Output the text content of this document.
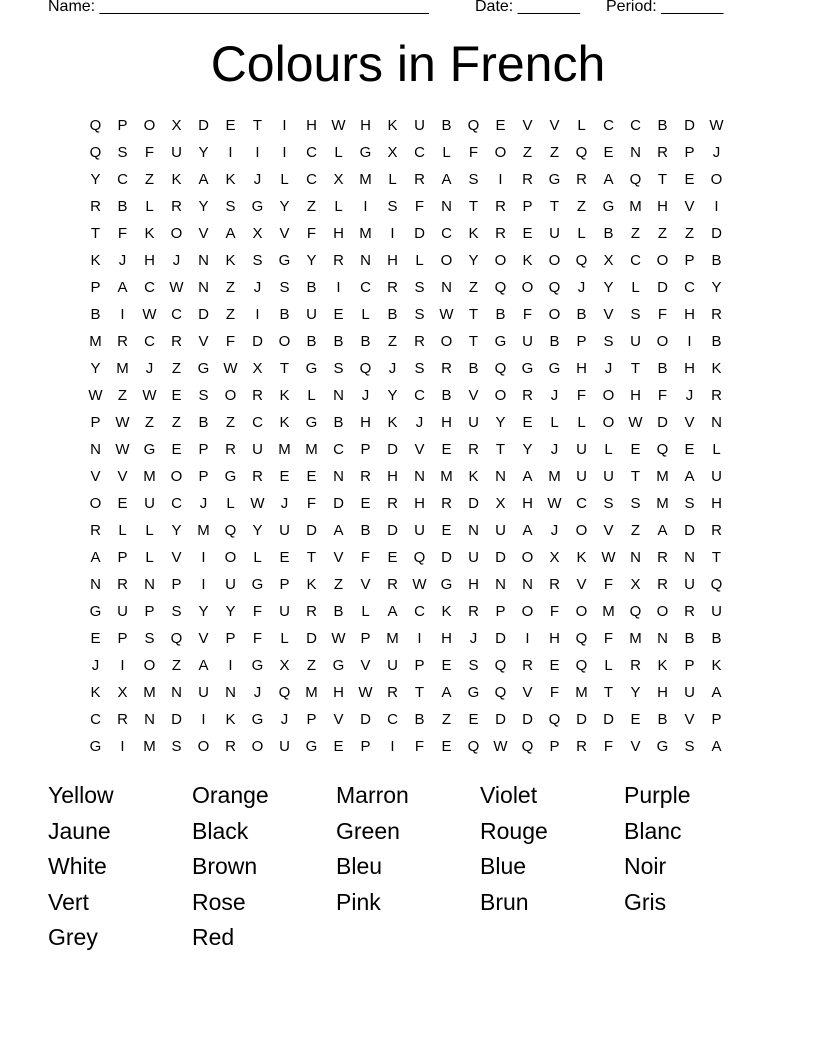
Name: _____________________________________	Date: _______ Period: _______
Colours in French
Q	P	O	X	D	E	T	I	H W H	K	U	B	Q	E	V	V	L	C	C	B	D W
Q	S	F	U	Y	I	I	I	C	L	G	X	C	L	F	O	Z	Z	Q	E	N	R	P	J
Y	C	Z	K	A	K	J	L	C	X	M	L	R	A	S	I	R	G	R	A	Q	T	E	O
R	B	L	R	Y	S	G	Y	Z	L	I	S	F	N	T	R	P	T	Z	G M	H	V	I
T	F	K	O	V	A	X	V	F	H	M	I	D	C	K	R	E	U	L	B	Z	Z	Z	D
K	J	H	J	N	K	S	G	Y	R	N	H	L	O	Y	O	K	O	Q	X	C	O	P	B
P	A	C W N	Z	J	S	B	I	C	R	S	N	Z	Q	O	Q	J	Y	L	D	C	Y
B	I	W C	D	Z	I	B	U	E	L	B	S W	T	B	F	O	B	V	S	F	H	R
M	R	C	R	V	F	D	O	B	B	B	Z	R	O	T	G	U	B	P	S	U	O	I	B
Y	M	J	Z	G W X	T	G	S	Q	J	S	R	B	Q	G	G	H	J	T	B	H	K
W	Z	W E	S	O	R	K	L	N	J	Y	C	B	V	O	R	J	F	O	H	F	J	R
P W	Z	Z	B	Z	C	K	G	B	H	K	J	H	U	Y	E	L	L	O W D	V	N
N W G	E	P	R	U	M M	C	P	D	V	E	R	T	Y	J	U	L	E	Q	E	L
V	V	M O	P	G	R	E	E	N	R	H	N	M	K	N	A	M	U	U	T	M	A	U
O	E	U	C	J	L	W	J	F	D	E	R	H	R	D	X	H W C	S	S	M	S	H
R	L	L	Y	M Q	Y	U	D	A	B	D	U	E	N	U	A	J	O	V	Z	A	D	R
A	P	L	V	I	O	L	E	T	V	F	E	Q	D	U	D	O	X	K W N	R	N	T
N	R	N	P	I	U	G	P	K	Z	V	R W G	H	N	N	R	V	F	X	R	U	Q
G	U	P	S	Y	Y	F	U	R	B	L	A	C	K	R	P	O	F	O M Q	O	R	U
E	P	S	Q	V	P	F	L	D W P	M	I	H	J	D	I	H	Q	F	M	N	B	B
J	I	O	Z	A	I	G	X	Z	G	V	U	P	E	S	Q	R	E	Q	L	R	K	P	K
K	X	M	N	U	N	J	Q M	H W R	T	A	G	Q	V	F	M	T	Y	H	U	A
C	R	N	D	I	K	G	J	P	V	D	C	B	Z	E	D	D	Q	D	D	E	B	V	P
G	I	M	S	O	R	O	U	G	E	P	I	F	E	Q W Q	P	R	F	V	G	S	A
Yellow	Orange	Marron	Violet	Purple
Jaune	Black	Green	Rouge	Blanc
White	Brown	Bleu	Blue	Noir
Vert	Rose	Pink	Brun	Gris
Grey	Red
